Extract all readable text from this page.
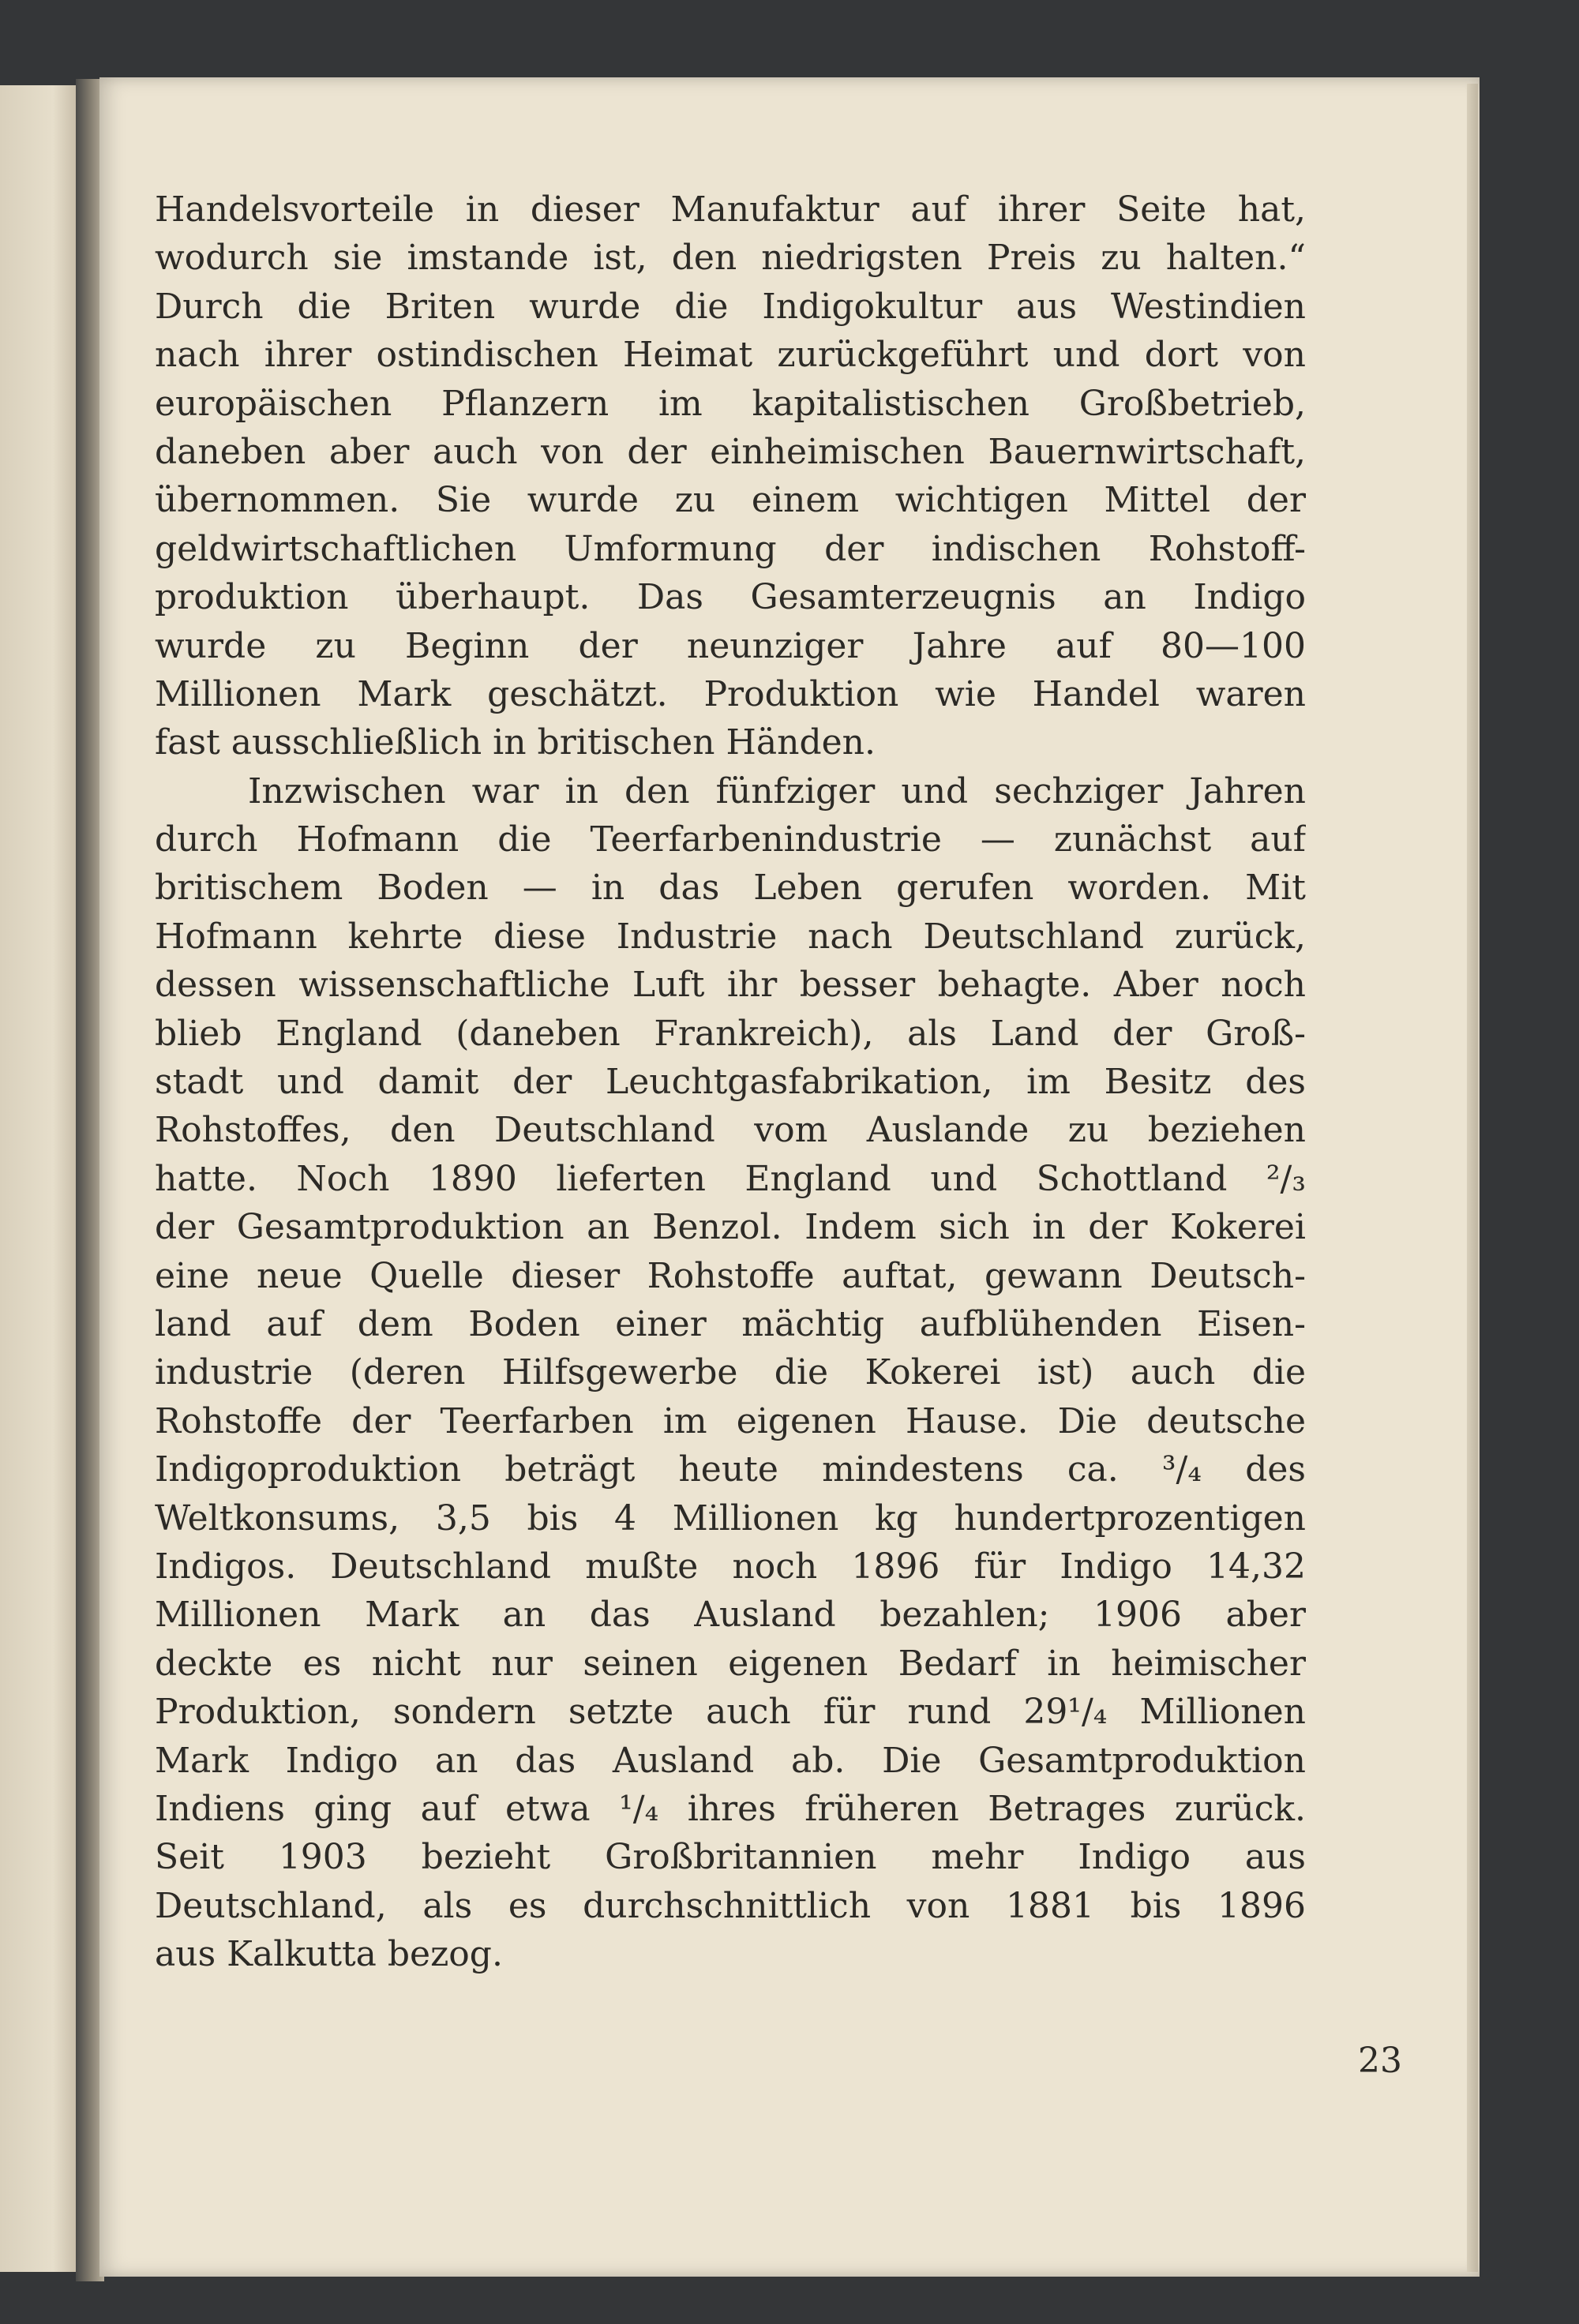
Handelsvorteile in dieser Manufaktur auf ihrer Seite hat,
wodurch sie imstande ist, den niedrigsten Preis zu halten.“
Durch die Briten wurde die Indigokultur aus Westindien
nach ihrer ostindischen Heimat zurückgeführt und dort von
europäischen Pflanzern im kapitalistischen Großbetrieb,
daneben aber auch von der einheimischen Bauernwirtschaft,
übernommen. Sie wurde zu einem wichtigen Mittel der
geldwirtschaftlichen Umformung der indischen Rohstoff-
produktion überhaupt. Das Gesamterzeugnis an Indigo
wurde zu Beginn der neunziger Jahre auf 80—100
Millionen Mark geschätzt. Produktion wie Handel waren
fast ausschließlich in britischen Händen.
Inzwischen war in den fünfziger und sechziger Jahren
durch Hofmann die Teerfarbenindustrie — zunächst auf
britischem Boden — in das Leben gerufen worden. Mit
Hofmann kehrte diese Industrie nach Deutschland zurück,
dessen wissenschaftliche Luft ihr besser behagte. Aber noch
blieb England (daneben Frankreich), als Land der Groß-
stadt und damit der Leuchtgasfabrikation, im Besitz des
Rohstoffes, den Deutschland vom Auslande zu beziehen
hatte. Noch 1890 lieferten England und Schottland ²/₃
der Gesamtproduktion an Benzol. Indem sich in der Kokerei
eine neue Quelle dieser Rohstoffe auftat, gewann Deutsch-
land auf dem Boden einer mächtig aufblühenden Eisen-
industrie (deren Hilfsgewerbe die Kokerei ist) auch die
Rohstoffe der Teerfarben im eigenen Hause. Die deutsche
Indigoproduktion beträgt heute mindestens ca. ³/₄ des
Weltkonsums, 3,5 bis 4 Millionen kg hundertprozentigen
Indigos. Deutschland mußte noch 1896 für Indigo 14,32
Millionen Mark an das Ausland bezahlen; 1906 aber
deckte es nicht nur seinen eigenen Bedarf in heimischer
Produktion, sondern setzte auch für rund 29¹/₄ Millionen
Mark Indigo an das Ausland ab. Die Gesamtproduktion
Indiens ging auf etwa ¹/₄ ihres früheren Betrages zurück.
Seit 1903 bezieht Großbritannien mehr Indigo aus
Deutschland, als es durchschnittlich von 1881 bis 1896
aus Kalkutta bezog.
23
